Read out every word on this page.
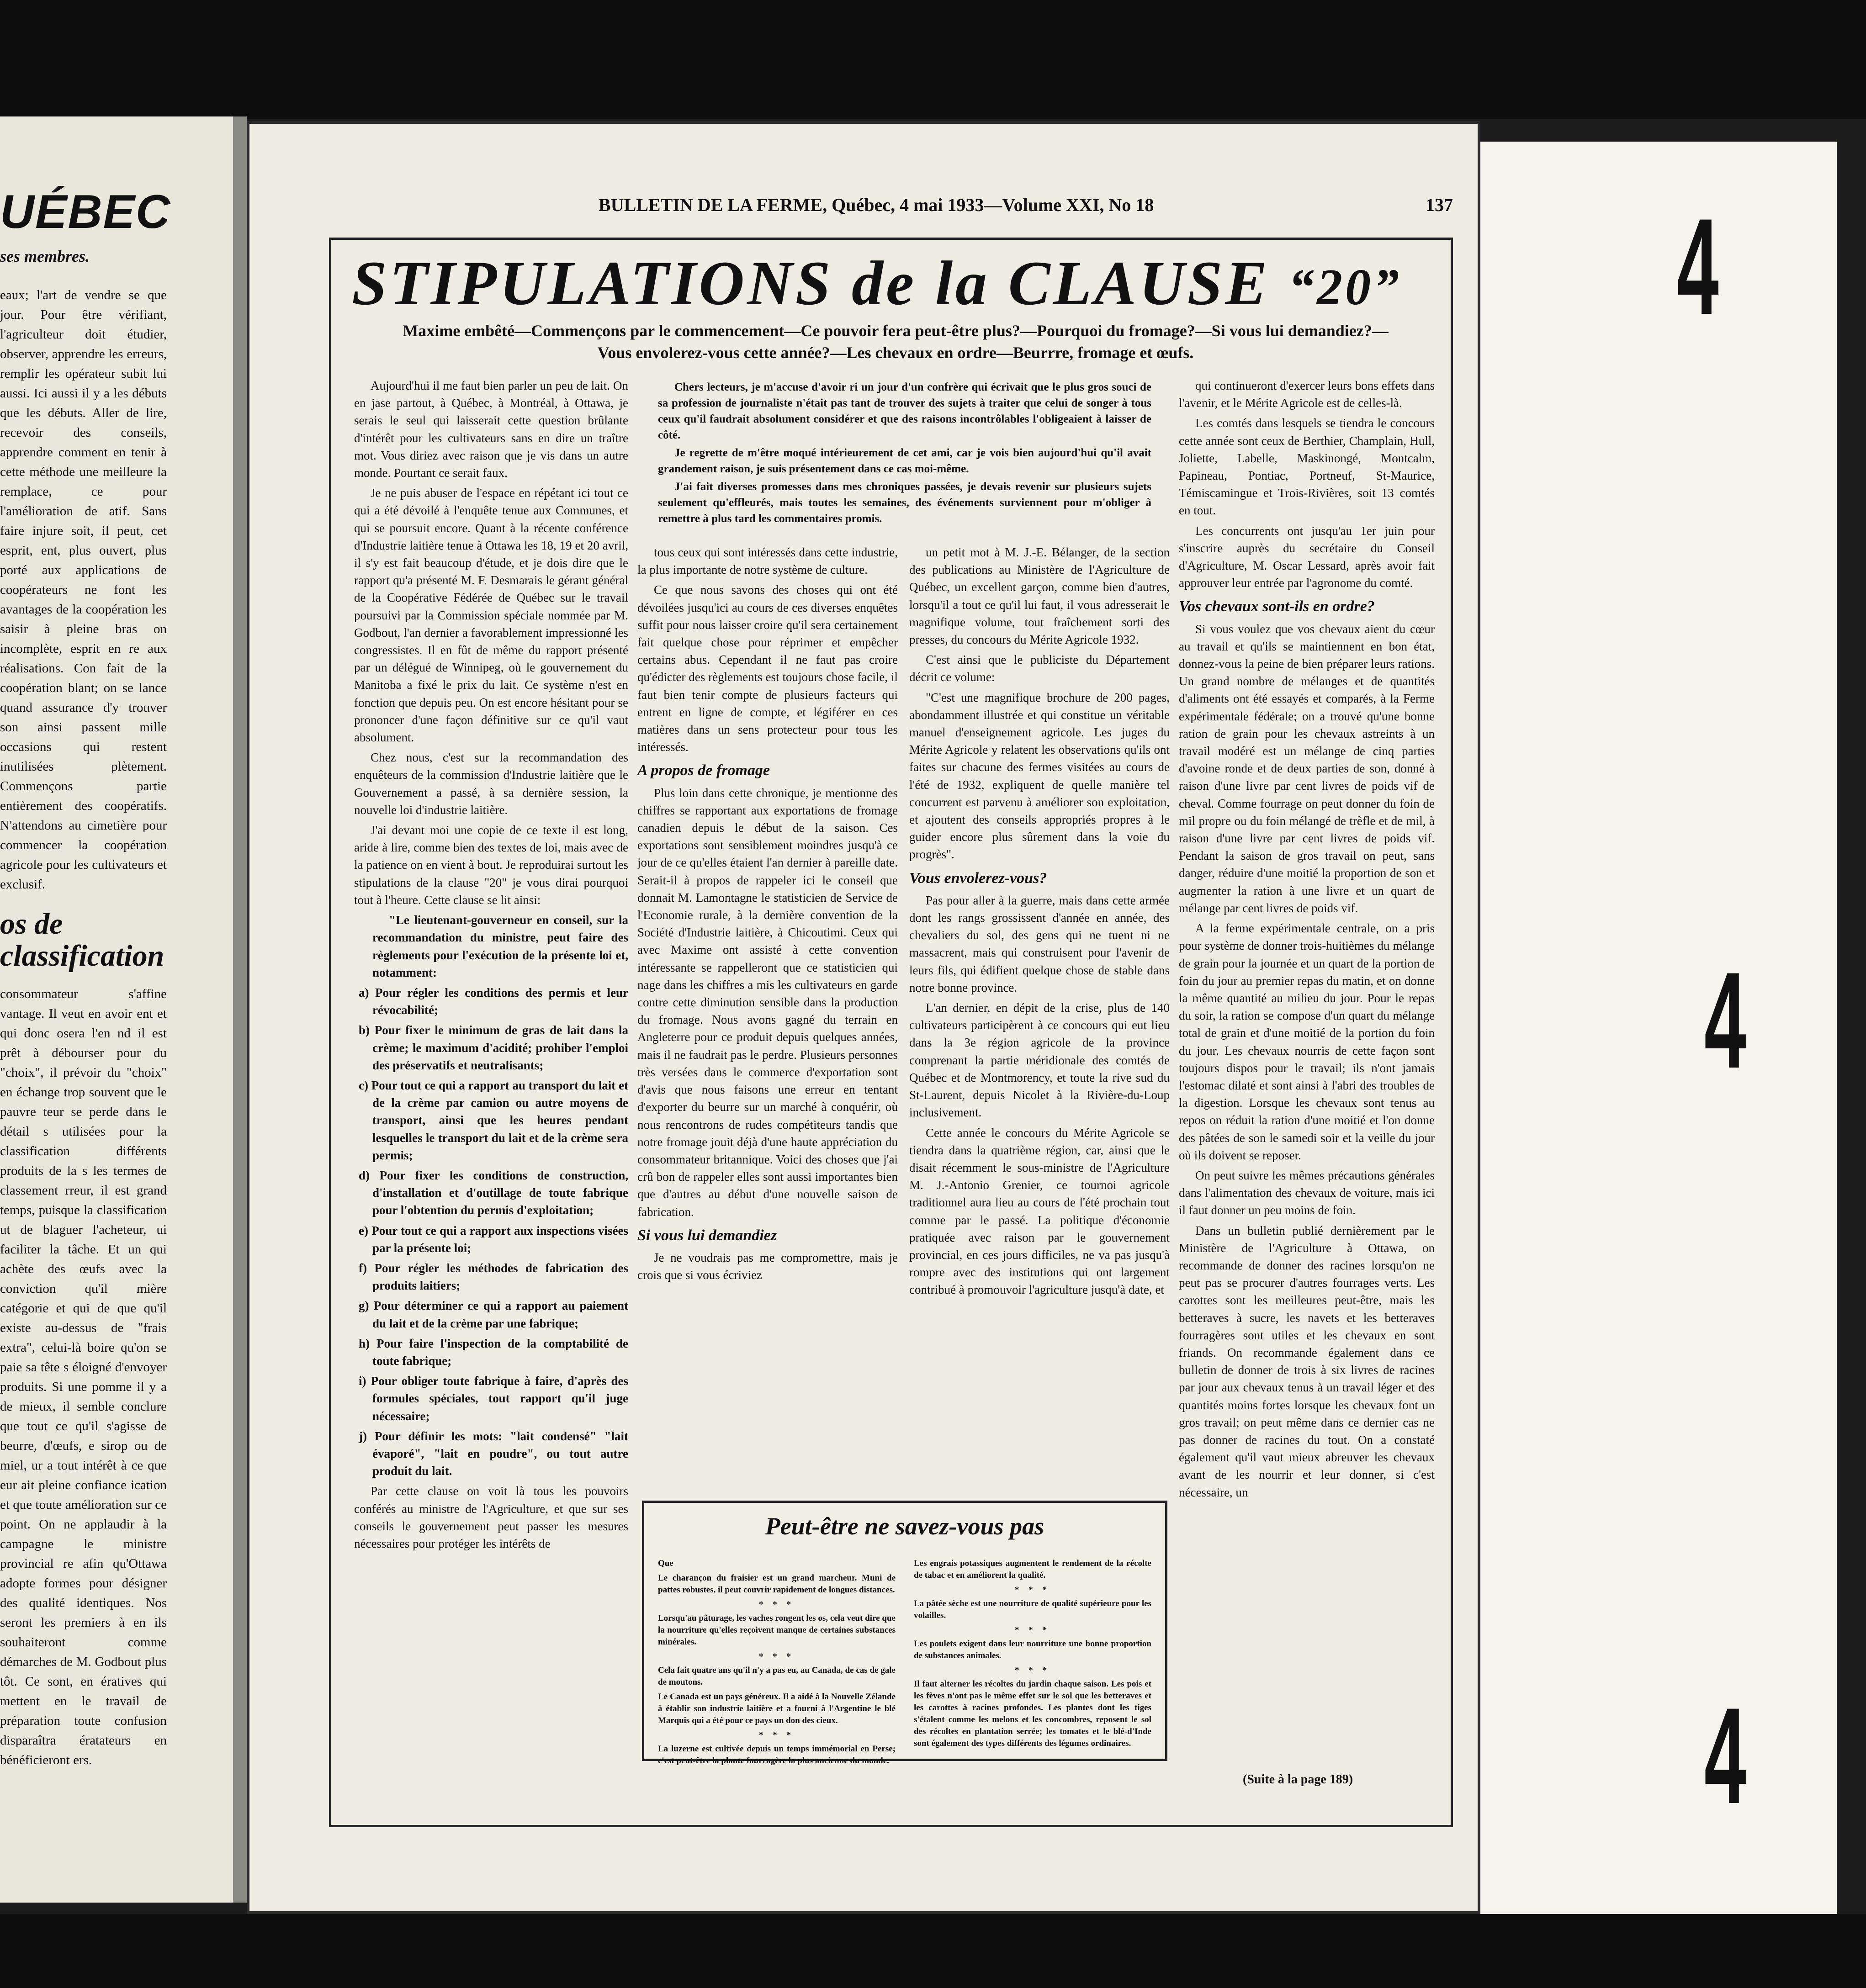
UÉBEC
ses membres.
eaux; l'art de vendre se que jour. Pour être vérifiant, l'agriculteur doit étudier, observer, apprendre les erreurs, remplir les opérateur subit lui aussi. Ici aussi il y a les débuts que les débuts. Aller de lire, recevoir des conseils, apprendre comment en tenir à cette méthode une meilleure la remplace, ce pour l'amélioration de atif. Sans faire injure soit, il peut, cet esprit, ent, plus ouvert, plus porté aux applications de coopérateurs ne font les avantages de la coopération les saisir à pleine bras on incomplète, esprit en re aux réalisations. Con fait de la coopération blant; on se lance quand assurance d'y trouver son ainsi passent mille occasions qui restent inutilisées plètement. Commençons partie entièrement des coopératifs. N'attendons au cimetière pour commencer la coopération agricole pour les cultivateurs et exclusif.
os de
classification
consommateur s'affine vantage. Il veut en avoir ent et qui donc osera l'en nd il est prêt à débourser pour du "choix", il prévoir du "choix" en échange trop souvent que le pauvre teur se perde dans le détail s utilisées pour la classification différents produits de la s les termes de classement rreur, il est grand temps, puisque la classification ut de blaguer l'acheteur, ui faciliter la tâche. Et un qui achète des œufs avec la conviction qu'il mière catégorie et qui de que qu'il existe au-dessus de "frais extra", celui-là boire qu'on se paie sa tête s éloigné d'envoyer produits. Si une pomme il y a de mieux, il semble conclure que tout ce qu'il s'agisse de beurre, d'œufs, e sirop ou de miel, ur a tout intérêt à ce que eur ait pleine confiance ication et que toute amélioration sur ce point. On ne applaudir à la campagne le ministre provincial re afin qu'Ottawa adopte formes pour désigner des qualité identiques. Nos seront les premiers à en ils souhaiteront comme démarches de M. Godbout plus tôt. Ce sont, en ératives qui mettent en le travail de préparation toute confusion disparaîtra ératateurs en bénéficieront ers.
4
4
4
BULLETIN DE LA FERME, Québec, 4 mai 1933—Volume XXI, No 18	137
STIPULATIONS de la CLAUSE “20”
Maxime embêté—Commençons par le commencement—Ce pouvoir fera peut-être plus?—Pourquoi du fromage?—Si vous lui demandiez?—
Vous envolerez-vous cette année?—Les chevaux en ordre—Beurrre, fromage et œufs.

Chers lecteurs, je m'accuse d'avoir ri un jour d'un confrère qui écrivait que le plus gros souci de sa profession de journaliste n'était pas tant de trouver des sujets à traiter que celui de songer à tous ceux qu'il faudrait absolument considérer et que des raisons incontrôlables l'obligeaient à laisser de côté.

Je regrette de m'être moqué intérieurement de cet ami, car je vois bien aujourd'hui qu'il avait grandement raison, je suis présentement dans ce cas moi-même.

J'ai fait diverses promesses dans mes chroniques passées, je devais revenir sur plusieurs sujets seulement qu'effleurés, mais toutes les semaines, des événements surviennent pour m'obliger à remettre à plus tard les commentaires promis.

Aujourd'hui il me faut bien parler un peu de lait. On en jase partout, à Québec, à Montréal, à Ottawa, je serais le seul qui laisserait cette question brûlante d'intérêt pour les cultivateurs sans en dire un traître mot. Vous diriez avec raison que je vis dans un autre monde. Pourtant ce serait faux.

Je ne puis abuser de l'espace en répétant ici tout ce qui a été dévoilé à l'enquête tenue aux Communes, et qui se poursuit encore. Quant à la récente conférence d'Industrie laitière tenue à Ottawa les 18, 19 et 20 avril, il s'y est fait beaucoup d'étude, et je dois dire que le rapport qu'a présenté M. F. Desmarais le gérant général de la Coopérative Fédérée de Québec sur le travail poursuivi par la Commission spéciale nommée par M. Godbout, l'an dernier a favorablement impressionné les congressistes. Il en fût de même du rapport présenté par un délégué de Winnipeg, où le gouvernement du Manitoba a fixé le prix du lait. Ce système n'est en fonction que depuis peu. On est encore hésitant pour se prononcer d'une façon définitive sur ce qu'il vaut absolument.

Chez nous, c'est sur la recommandation des enquêteurs de la commission d'Industrie laitière que le Gouvernement a passé, à sa dernière session, la nouvelle loi d'industrie laitière.

J'ai devant moi une copie de ce texte il est long, aride à lire, comme bien des textes de loi, mais avec de la patience on en vient à bout. Je reproduirai surtout les stipulations de la clause "20" je vous dirai pourquoi tout à l'heure. Cette clause se lit ainsi:

"Le lieutenant-gouverneur en conseil, sur la recommandation du ministre, peut faire des règlements pour l'exécution de la présente loi et, notamment:

a) Pour régler les conditions des permis et leur révocabilité;

b) Pour fixer le minimum de gras de lait dans la crème; le maximum d'acidité; prohiber l'emploi des préservatifs et neutralisants;

c) Pour tout ce qui a rapport au transport du lait et de la crème par camion ou autre moyens de transport, ainsi que les heures pendant lesquelles le transport du lait et de la crème sera permis;

d) Pour fixer les conditions de construction, d'installation et d'outillage de toute fabrique pour l'obtention du permis d'exploitation;

e) Pour tout ce qui a rapport aux inspections visées par la présente loi;

f) Pour régler les méthodes de fabrication des produits laitiers;

g) Pour déterminer ce qui a rapport au paiement du lait et de la crème par une fabrique;

h) Pour faire l'inspection de la comptabilité de toute fabrique;

i) Pour obliger toute fabrique à faire, d'après des formules spéciales, tout rapport qu'il juge nécessaire;

j) Pour définir les mots: "lait condensé" "lait évaporé", "lait en poudre", ou tout autre produit du lait.

Par cette clause on voit là tous les pouvoirs conférés au ministre de l'Agriculture, et que sur ses conseils le gouvernement peut passer les mesures nécessaires pour protéger les intérêts de

tous ceux qui sont intéressés dans cette industrie, la plus importante de notre système de culture.

Ce que nous savons des choses qui ont été dévoilées jusqu'ici au cours de ces diverses enquêtes suffit pour nous laisser croire qu'il sera certainement fait quelque chose pour réprimer et empêcher certains abus. Cependant il ne faut pas croire qu'édicter des règlements est toujours chose facile, il faut bien tenir compte de plusieurs facteurs qui entrent en ligne de compte, et légiférer en ces matières dans un sens protecteur pour tous les intéressés.

A propos de fromage

Plus loin dans cette chronique, je mentionne des chiffres se rapportant aux exportations de fromage canadien depuis le début de la saison. Ces exportations sont sensiblement moindres jusqu'à ce jour de ce qu'elles étaient l'an dernier à pareille date. Serait-il à propos de rappeler ici le conseil que donnait M. Lamontagne le statisticien de Service de l'Economie rurale, à la dernière convention de la Société d'Industrie laitière, à Chicoutimi. Ceux qui avec Maxime ont assisté à cette convention intéressante se rappelleront que ce statisticien qui nage dans les chiffres a mis les cultivateurs en garde contre cette diminution sensible dans la production du fromage. Nous avons gagné du terrain en Angleterre pour ce produit depuis quelques années, mais il ne faudrait pas le perdre. Plusieurs personnes très versées dans le commerce d'exportation sont d'avis que nous faisons une erreur en tentant d'exporter du beurre sur un marché à conquérir, où nous rencontrons de rudes compétiteurs tandis que notre fromage jouit déjà d'une haute appréciation du consommateur britannique. Voici des choses que j'ai crû bon de rappeler elles sont aussi importantes bien que d'autres au début d'une nouvelle saison de fabrication.

Si vous lui demandiez

Je ne voudrais pas me compromettre, mais je crois que si vous écriviez

un petit mot à M. J.-E. Bélanger, de la section des publications au Ministère de l'Agriculture de Québec, un excellent garçon, comme bien d'autres, lorsqu'il a tout ce qu'il lui faut, il vous adresserait le magnifique volume, tout fraîchement sorti des presses, du concours du Mérite Agricole 1932.

C'est ainsi que le publiciste du Département décrit ce volume:

"C'est une magnifique brochure de 200 pages, abondamment illustrée et qui constitue un véritable manuel d'enseignement agricole. Les juges du Mérite Agricole y relatent les observations qu'ils ont faites sur chacune des fermes visitées au cours de l'été de 1932, expliquent de quelle manière tel concurrent est parvenu à améliorer son exploitation, et ajoutent des conseils appropriés propres à le guider encore plus sûrement dans la voie du progrès".

Vous envolerez-vous?

Pas pour aller à la guerre, mais dans cette armée dont les rangs grossissent d'année en année, des chevaliers du sol, des gens qui ne tuent ni ne massacrent, mais qui construisent pour l'avenir de leurs fils, qui édifient quelque chose de stable dans notre bonne province.

L'an dernier, en dépit de la crise, plus de 140 cultivateurs participèrent à ce concours qui eut lieu dans la 3e région agricole de la province comprenant la partie méridionale des comtés de Québec et de Montmorency, et toute la rive sud du St-Laurent, depuis Nicolet à la Rivière-du-Loup inclusivement.

Cette année le concours du Mérite Agricole se tiendra dans la quatrième région, car, ainsi que le disait récemment le sous-ministre de l'Agriculture M. J.-Antonio Grenier, ce tournoi agricole traditionnel aura lieu au cours de l'été prochain tout comme par le passé. La politique d'économie pratiquée avec raison par le gouvernement provincial, en ces jours difficiles, ne va pas jusqu'à rompre avec des institutions qui ont largement contribué à promouvoir l'agriculture jusqu'à date, et

qui continueront d'exercer leurs bons effets dans l'avenir, et le Mérite Agricole est de celles-là.

Les comtés dans lesquels se tiendra le concours cette année sont ceux de Berthier, Champlain, Hull, Joliette, Labelle, Maskinongé, Montcalm, Papineau, Pontiac, Portneuf, St-Maurice, Témiscamingue et Trois-Rivières, soit 13 comtés en tout.

Les concurrents ont jusqu'au 1er juin pour s'inscrire auprès du secrétaire du Conseil d'Agriculture, M. Oscar Lessard, après avoir fait approuver leur entrée par l'agronome du comté.

Vos chevaux sont-ils en ordre?

Si vous voulez que vos chevaux aient du cœur au travail et qu'ils se maintiennent en bon état, donnez-vous la peine de bien préparer leurs rations. Un grand nombre de mélanges et de quantités d'aliments ont été essayés et comparés, à la Ferme expérimentale fédérale; on a trouvé qu'une bonne ration de grain pour les chevaux astreints à un travail modéré est un mélange de cinq parties d'avoine ronde et de deux parties de son, donné à raison d'une livre par cent livres de poids vif de cheval. Comme fourrage on peut donner du foin de mil propre ou du foin mélangé de trèfle et de mil, à raison d'une livre par cent livres de poids vif. Pendant la saison de gros travail on peut, sans danger, réduire d'une moitié la proportion de son et augmenter la ration à une livre et un quart de mélange par cent livres de poids vif.

A la ferme expérimentale centrale, on a pris pour système de donner trois-huitièmes du mélange de grain pour la journée et un quart de la portion de foin du jour au premier repas du matin, et on donne la même quantité au milieu du jour. Pour le repas du soir, la ration se compose d'un quart du mélange total de grain et d'une moitié de la portion du foin du jour. Les chevaux nourris de cette façon sont toujours dispos pour le travail; ils n'ont jamais l'estomac dilaté et sont ainsi à l'abri des troubles de la digestion. Lorsque les chevaux sont tenus au repos on réduit la ration d'une moitié et l'on donne des pâtées de son le samedi soir et la veille du jour où ils doivent se reposer.

On peut suivre les mêmes précautions générales dans l'alimentation des chevaux de voiture, mais ici il faut donner un peu moins de foin.

Dans un bulletin publié dernièrement par le Ministère de l'Agriculture à Ottawa, on recommande de donner des racines lorsqu'on ne peut pas se procurer d'autres fourrages verts. Les carottes sont les meilleures peut-être, mais les betteraves à sucre, les navets et les betteraves fourragères sont utiles et les chevaux en sont friands. On recommande également dans ce bulletin de donner de trois à six livres de racines par jour aux chevaux tenus à un travail léger et des quantités moins fortes lorsque les chevaux font un gros travail; on peut même dans ce dernier cas ne pas donner de racines du tout. On a constaté également qu'il vaut mieux abreuver les chevaux avant de les nourrir et leur donner, si c'est nécessaire, un

(Suite à la page 189)
Peut-être ne savez-vous pas

Que

Le charançon du fraisier est un grand marcheur. Muni de pattes robustes, il peut couvrir rapidement de longues distances.

* * *

Lorsqu'au pâturage, les vaches rongent les os, cela veut dire que la nourriture qu'elles reçoivent manque de certaines substances minérales.

* * *

Cela fait quatre ans qu'il n'y a pas eu, au Canada, de cas de gale de moutons.

Le Canada est un pays généreux. Il a aidé à la Nouvelle Zélande à établir son industrie laitière et a fourni à l'Argentine le blé Marquis qui a été pour ce pays un don des cieux.

* * *

La luzerne est cultivée depuis un temps immémorial en Perse; c'est peut-être la plante fourragère la plus ancienne du monde.

Les engrais potassiques augmentent le rendement de la récolte de tabac et en améliorent la qualité.

* * *

La pâtée sèche est une nourriture de qualité supérieure pour les volailles.

* * *

Les poulets exigent dans leur nourriture une bonne proportion de substances animales.

* * *

Il faut alterner les récoltes du jardin chaque saison. Les pois et les fèves n'ont pas le même effet sur le sol que les betteraves et les carottes à racines profondes. Les plantes dont les tiges s'étalent comme les melons et les concombres, reposent le sol des récoltes en plantation serrée; les tomates et le blé-d'Inde sont également des types différents des légumes ordinaires.
